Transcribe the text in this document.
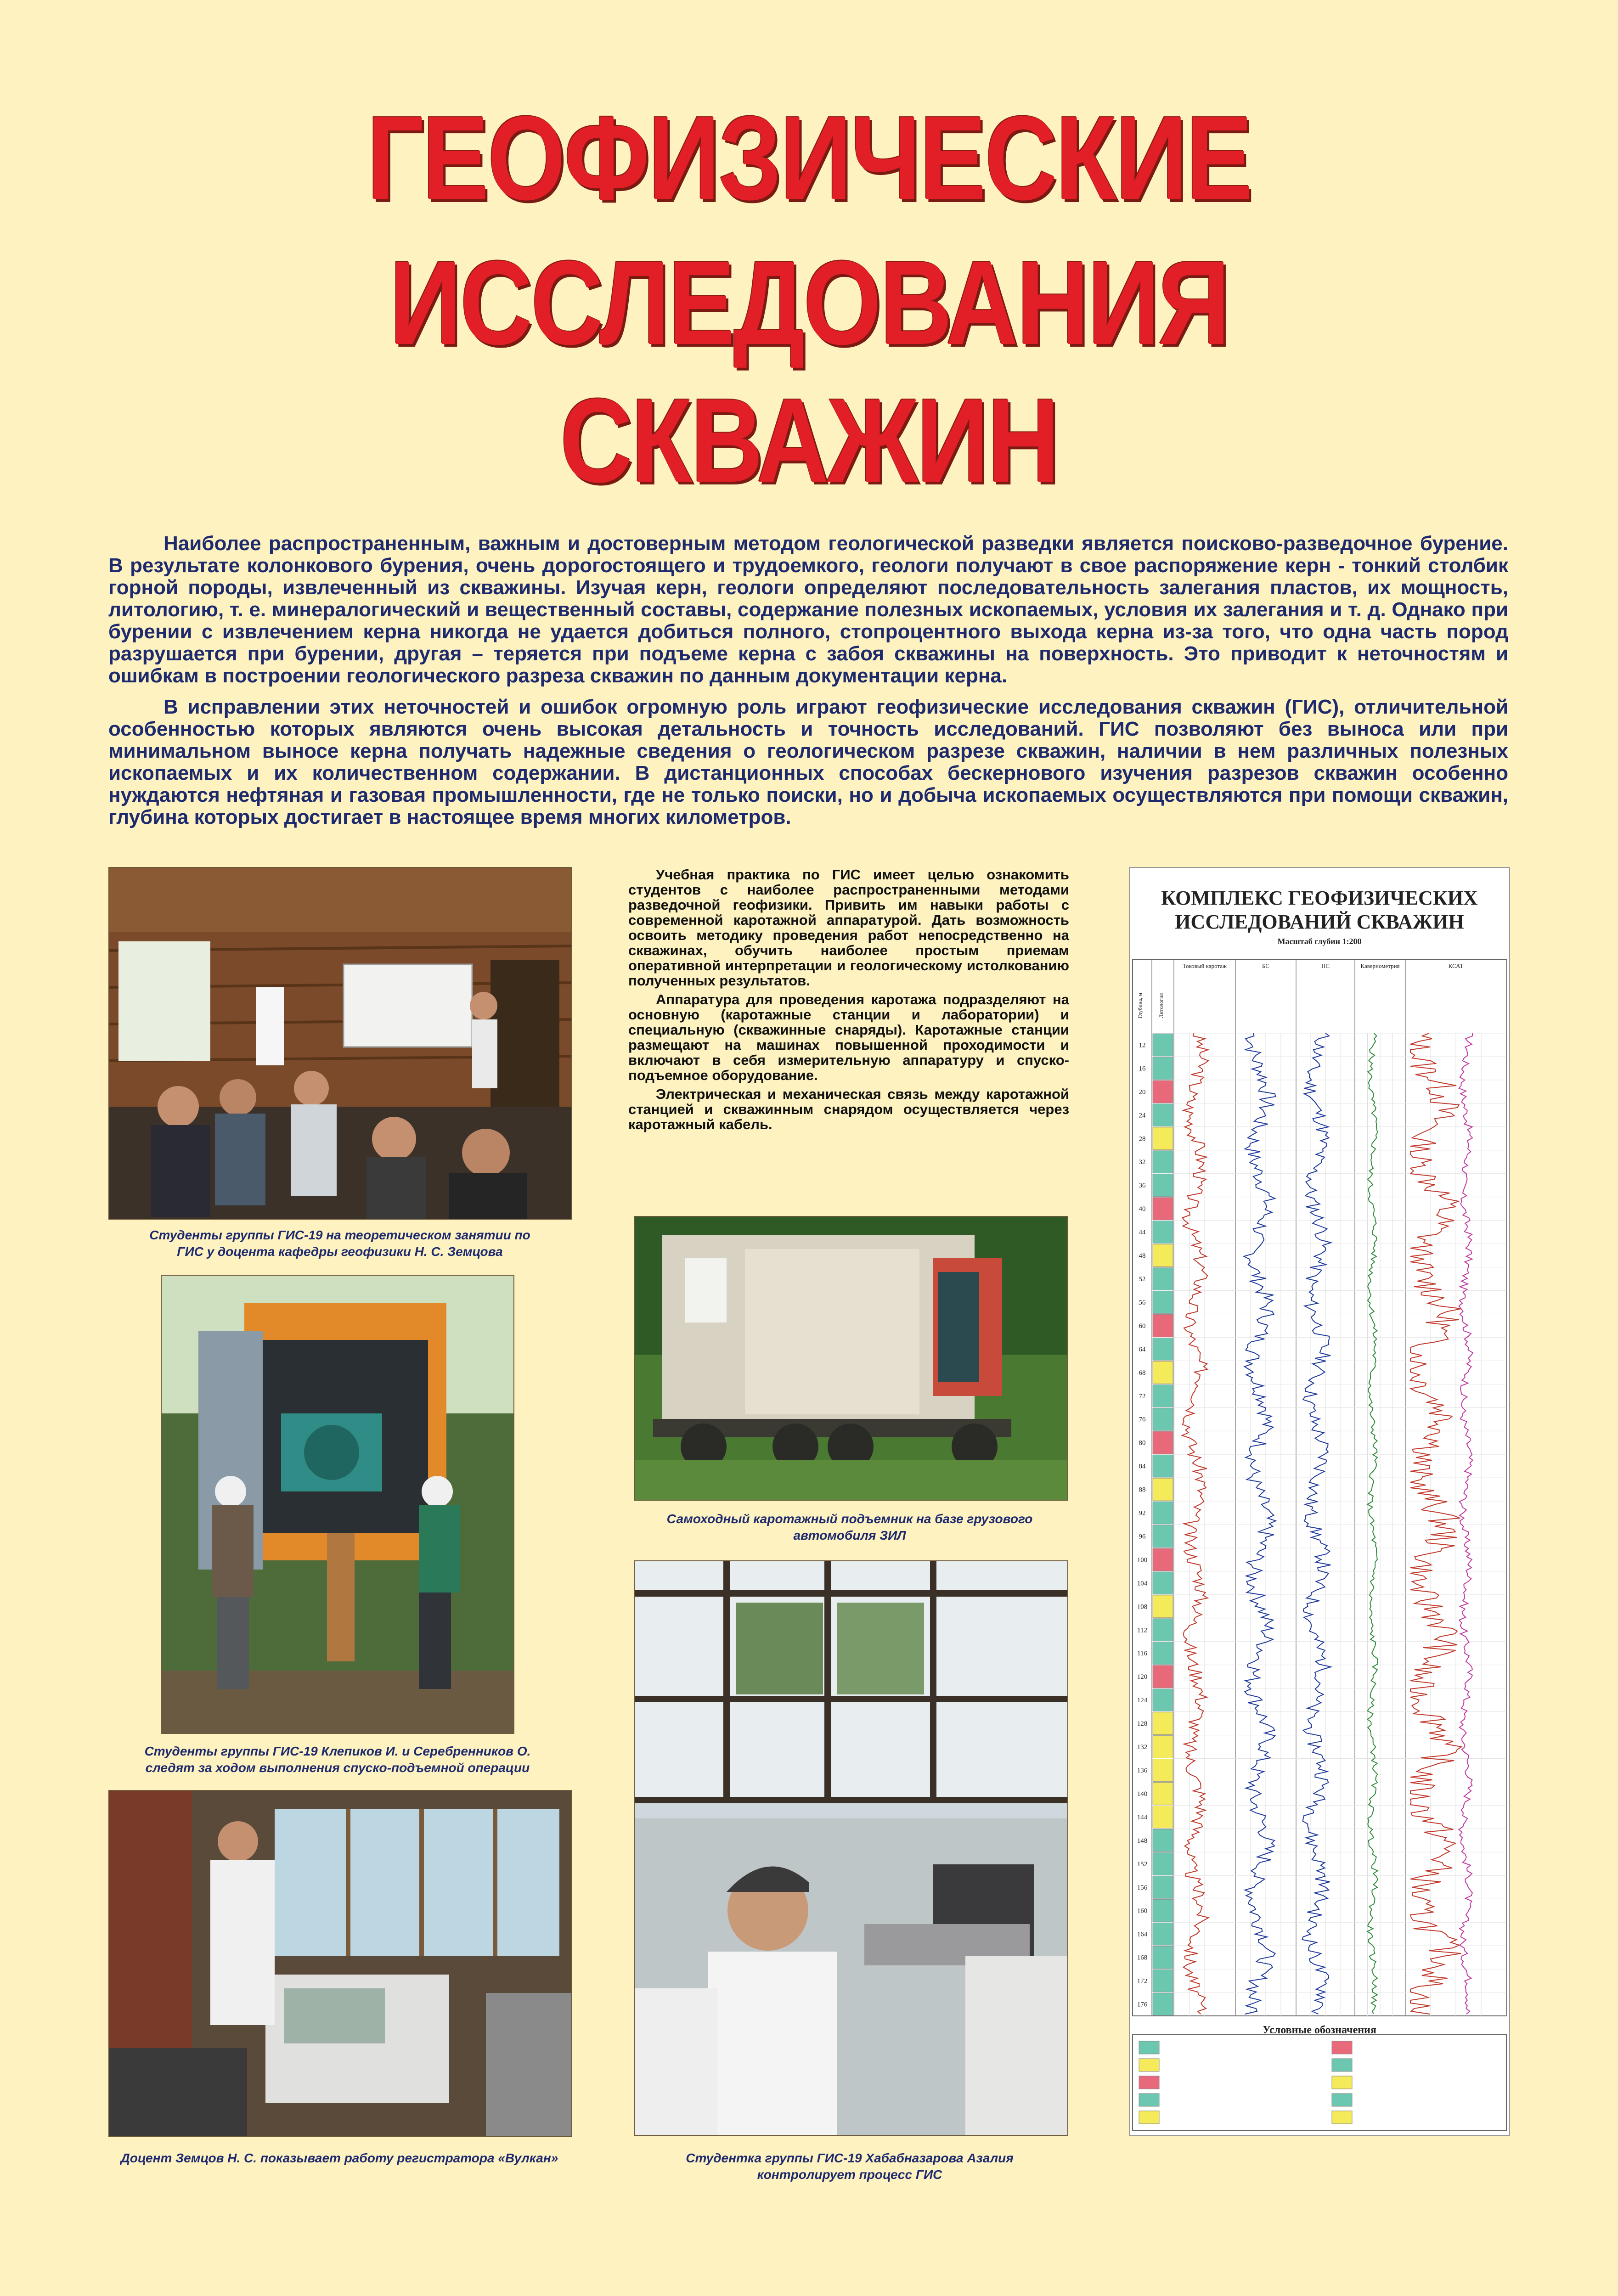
ГЕОФИЗИЧЕСКИЕ
ИССЛЕДОВАНИЯ СКВАЖИН

Наиболее распространенным, важным и достоверным методом геологической разведки является поисково-разведочное бурение. В результате колонкового бурения, очень дорогостоящего и трудоемкого, геологи получают в свое распоряжение керн - тонкий столбик горной породы, извлеченный из скважины. Изучая керн, геологи определяют последовательность залегания пластов, их мощность, литологию, т. е. минералогический и вещественный составы, содержание полезных ископаемых, условия их залегания и т. д. Однако при бурении с извлечением керна никогда не удается добиться полного, стопроцентного выхода керна из-за того, что одна часть пород разрушается при бурении, другая – теряется при подъеме керна с забоя скважины на поверхность. Это приводит к неточностям и ошибкам в построении геологического разреза скважин по данным документации керна.

В исправлении этих неточностей и ошибок огромную роль играют геофизические исследования скважин (ГИС), отличительной особенностью которых являются очень высокая детальность и точность исследований. ГИС позволяют без выноса или при минимальном выносе керна получать надежные сведения о геологическом разрезе скважин, наличии в нем различных полезных ископаемых и их количественном содержании. В дистанционных способах бескернового изучения разрезов скважин особенно нуждаются нефтяная и газовая промышленности, где не только поиски, но и добыча ископаемых осуществляются при помощи скважин, глубина которых достигает в настоящее время многих километров.

Студенты группы ГИС-19 на теоретическом занятии по ГИС у доцента кафедры геофизики Н. С. Земцова
Студенты группы ГИС-19 Клепиков И. и Серебренников О. следят за ходом выполнения спуско-подъемной операции
Доцент Земцов Н. С. показывает работу регистратора «Вулкан»

Учебная практика по ГИС имеет целью ознакомить студентов с наиболее распространенными методами разведочной геофизики. Привить им навыки работы с современной каротажной аппаратурой. Дать возможность освоить методику проведения работ непосредственно на скважинах, обучить наиболее простым приемам оперативной интерпретации и геологическому истолкованию полученных результатов.

Аппаратура для проведения каротажа подразделяют на основную (каротажные станции и лаборатории) и специальную (скважинные снаряды). Каротажные станции размещают на машинах повышенной проходимости и включают в себя измерительную аппаратуру и спуско-подъемное оборудование.

Электрическая и механическая связь между каротажной станцией и скважинным снарядом осуществляется через каротажный кабель.

Самоходный каротажный подъемник на базе грузового автомобиля ЗИЛ
Студентка группы ГИС-19 Хабабназарова Азалия контролирует процесс ГИС
КОМПЛЕКС ГЕОФИЗИЧЕСКИХ
ИССЛЕДОВАНИЙ СКВАЖИН
Масштаб глубин 1:200
Токовый каротаж	БС	ПС	Кавернометрия	КСАТ
Глубина, м	Литология
12
16
20
24
28
32
36
40
44
48
52
56
60
64
68
72
76
80
84
88
92
96
100
104
108
112
116
120
124
128
132
136
140
144
148
152
156
160
164
168
172
176
Условные обозначения
